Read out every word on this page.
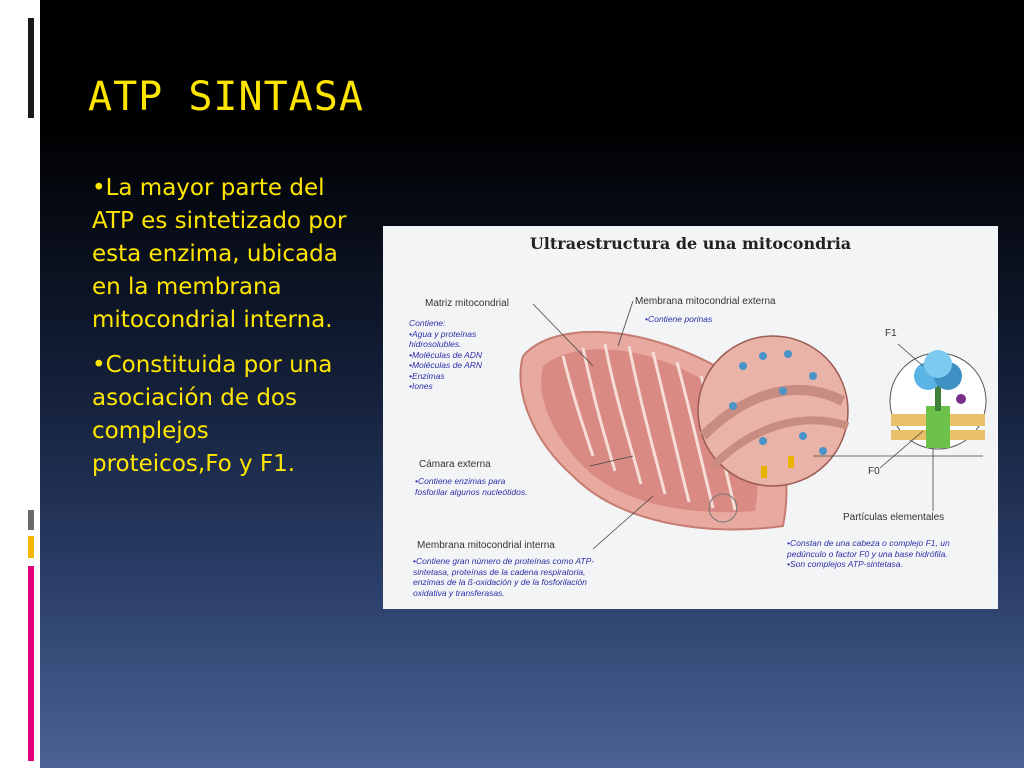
ATP SINTASA

•La mayor parte del ATP es sintetizado por esta enzima, ubicada en la membrana mitocondrial interna.

•Constituida por una asociación de dos complejos proteicos,Fo y F1.

Ultraestructura de una mitocondria
Matriz mitocondrial
Contiene:
•Agua y proteínas
hidrosolubles.
•Moléculas de ADN
•Moléculas de ARN
•Enzimas
•Iones
Membrana mitocondrial externa
•Contiene porinas
F1
Cámara externa
•Contiene enzimas para
fosforilar algunos nucleótidos.
F0
Partículas elementales
Membrana mitocondrial interna
•Contiene gran número de proteínas como ATP-
sintetasa, proteínas de la cadena respiratoria,
enzimas de la ß-oxidación y de la fosforilación
oxidativa y transferasas.
•Constan de una cabeza o complejo F1, un
pedúnculo o factor F0 y una base hidrófila.
•Son complejos ATP-sintetasa.
